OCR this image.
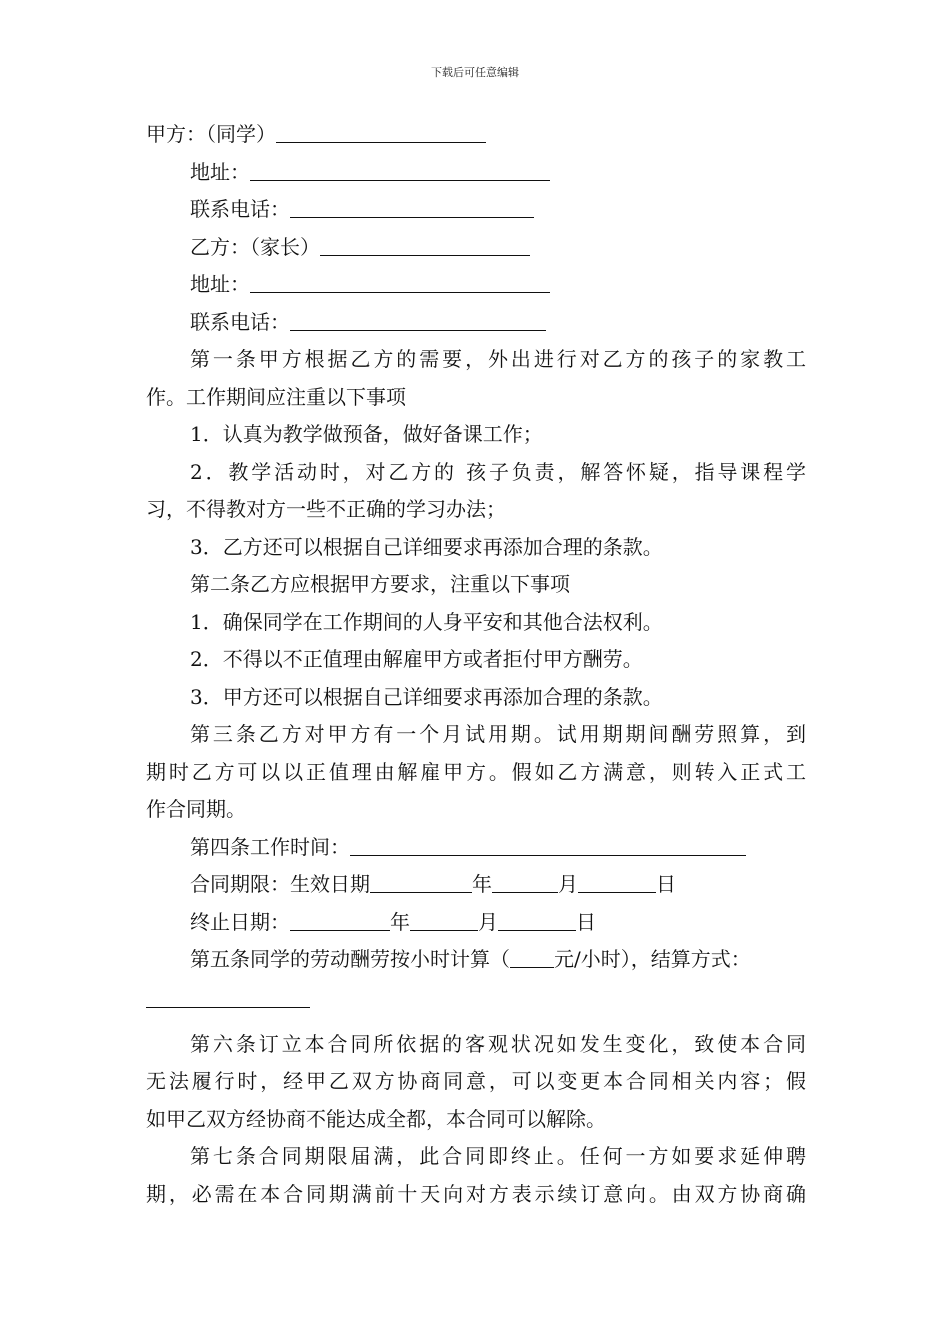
下载后可任意编辑
甲方：（同学）
地址：
联系电话：
乙方：（家长）
地址：
联系电话：
第一条甲方根据乙方的需要，外出进行对乙方的孩子的家教工
作。工作期间应注重以下事项
1．认真为教学做预备，做好备课工作；
2．教学活动时，对乙方的 孩子负责，解答怀疑，指导课程学
习，不得教对方一些不正确的学习办法；
3．乙方还可以根据自己详细要求再添加合理的条款。
第二条乙方应根据甲方要求，注重以下事项
1．确保同学在工作期间的人身平安和其他合法权利。
2．不得以不正值理由解雇甲方或者拒付甲方酬劳。
3．甲方还可以根据自己详细要求再添加合理的条款。
第三条乙方对甲方有一个月试用期。试用期期间酬劳照算，到
期时乙方可以以正值理由解雇甲方。假如乙方满意，则转入正式工
作合同期。
第四条工作时间：
合同期限：生效日期	年	月	日
终止日期：	年	月	日
第五条同学的劳动酬劳按小时计算（ 元/小时），结算方式：
第六条订立本合同所依据的客观状况如发生变化，致使本合同
无法履行时，经甲乙双方协商同意，可以变更本合同相关内容；假
如甲乙双方经协商不能达成全都，本合同可以解除。
第七条合同期限届满，此合同即终止。任何一方如要求延伸聘
期，必需在本合同期满前十天向对方表示续订意向。由双方协商确
